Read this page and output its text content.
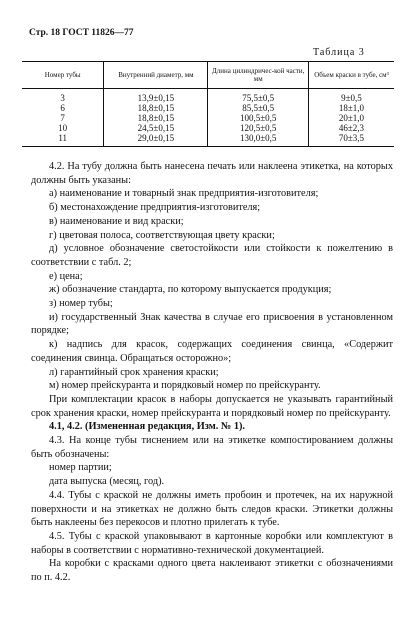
Стр. 18 ГОСТ 11826—77
Таблица 3
Номер тубы	Внутренний диаметр, мм	Длина цилиндричес-кой части, мм	Объем краски в тубе, см³
3	13,9±0,15	75,5±0,5	9±0,5
6	18,8±0,15	85,5±0,5	18±1,0
7	18,8±0,15	100,5±0,5	20±1,0
10	24,5±0,15	120,5±0,5	46±2,3
11	29,0±0,15	130,0±0,5	70±3,5

4.2. На тубу должна быть нанесена печать или наклеена этикетка, на которых должны быть указаны:

а) наименование и товарный знак предприятия-изготовителя;

б) местонахождение предприятия-изготовителя;

в) наименование и вид краски;

г) цветовая полоса, соответствующая цвету краски;

д) условное обозначение светостойкости или стойкости к пожелтению в соответствии с табл. 2;

е) цена;

ж) обозначение стандарта, по которому выпускается продукция;

з) номер тубы;

и) государственный Знак качества в случае его присвоения в установленном порядке;

к) надпись для красок, содержащих соединения свинца, «Содержит соединения свинца. Обращаться осторожно»;

л) гарантийный срок хранения краски;

м) номер прейскуранта и порядковый номер по прейскуранту.

При комплектации красок в наборы допускается не указывать гарантийный срок хранения краски, номер прейскуранта и порядковый номер по прейскуранту.

4.1, 4.2. (Измененная редакция, Изм. № 1).

4.3. На конце тубы тиснением или на этикетке компостированием должны быть обозначены:

номер партии;

дата выпуска (месяц, год).

4.4. Тубы с краской не должны иметь пробоин и протечек, на их наружной поверхности и на этикетках не должно быть следов краски. Этикетки должны быть наклеены без перекосов и плотно прилегать к тубе.

4.5. Тубы с краской упаковывают в картонные коробки или комплектуют в наборы в соответствии с нормативно-технической документацией.

На коробки с красками одного цвета наклеивают этикетки с обозначениями по п. 4.2.
